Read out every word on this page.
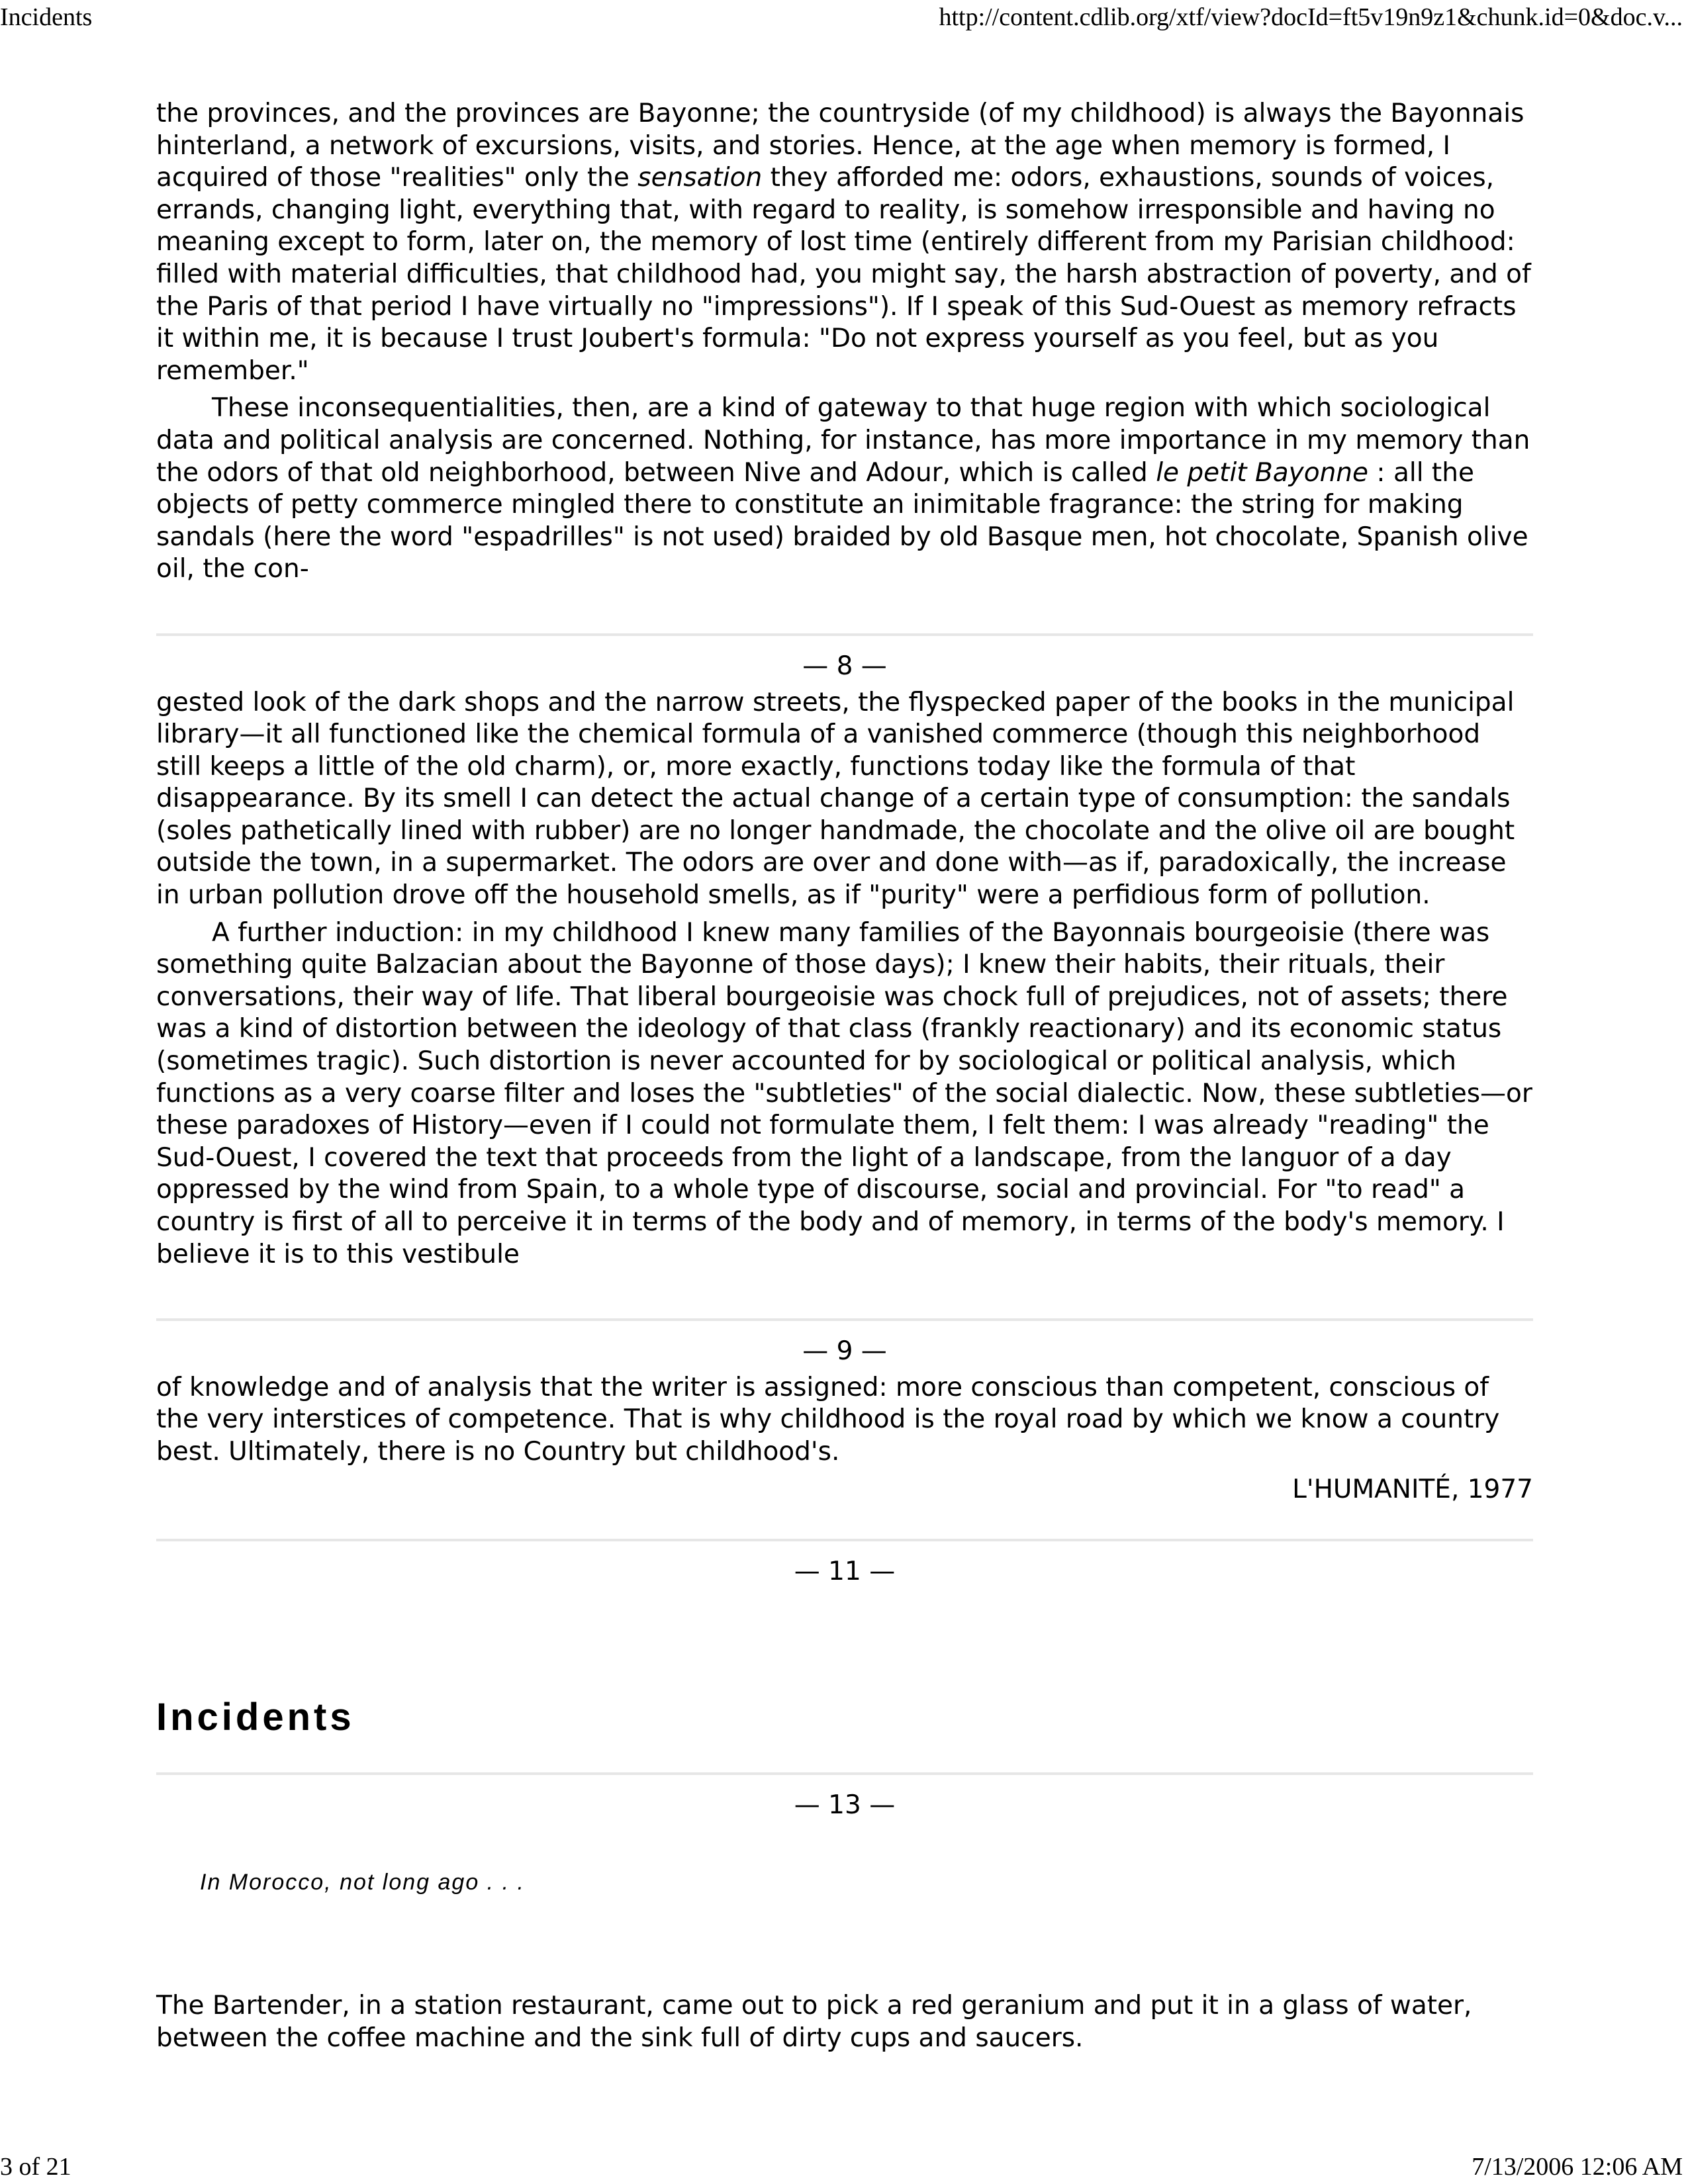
Incidents	http://content.cdlib.org/xtf/view?docId=ft5v19n9z1&chunk.id=0&doc.v...

the provinces, and the provinces are Bayonne; the countryside (of my childhood) is always the Bayonnais hinterland, a network of excursions, visits, and stories. Hence, at the age when memory is formed, I acquired of those "realities" only the sensation they afforded me: odors, exhaustions, sounds of voices, errands, changing light, everything that, with regard to reality, is somehow irresponsible and having no meaning except to form, later on, the memory of lost time (entirely different from my Parisian childhood: filled with material difficulties, that childhood had, you might say, the harsh abstraction of poverty, and of the Paris of that period I have virtually no "impressions"). If I speak of this Sud-Ouest as memory refracts it within me, it is because I trust Joubert's formula: "Do not express yourself as you feel, but as you remember."

These inconsequentialities, then, are a kind of gateway to that huge region with which sociological data and political analysis are concerned. Nothing, for instance, has more importance in my memory than the odors of that old neighborhood, between Nive and Adour, which is called le petit Bayonne : all the objects of petty commerce mingled there to constitute an inimitable fragrance: the string for making sandals (here the word "espadrilles" is not used) braided by old Basque men, hot chocolate, Spanish olive oil, the con-

— 8 —

gested look of the dark shops and the narrow streets, the flyspecked paper of the books in the municipal library—it all functioned like the chemical formula of a vanished commerce (though this neighborhood still keeps a little of the old charm), or, more exactly, functions today like the formula of that disappearance. By its smell I can detect the actual change of a certain type of consumption: the sandals (soles pathetically lined with rubber) are no longer handmade, the chocolate and the olive oil are bought outside the town, in a supermarket. The odors are over and done with—as if, paradoxically, the increase in urban pollution drove off the household smells, as if "purity" were a perfidious form of pollution.

A further induction: in my childhood I knew many families of the Bayonnais bourgeoisie (there was something quite Balzacian about the Bayonne of those days); I knew their habits, their rituals, their conversations, their way of life. That liberal bourgeoisie was chock full of prejudices, not of assets; there was a kind of distortion between the ideology of that class (frankly reactionary) and its economic status (sometimes tragic). Such distortion is never accounted for by sociological or political analysis, which functions as a very coarse filter and loses the "subtleties" of the social dialectic. Now, these subtleties—or these paradoxes of History—even if I could not formulate them, I felt them: I was already "reading" the Sud-Ouest, I covered the text that proceeds from the light of a landscape, from the languor of a day oppressed by the wind from Spain, to a whole type of discourse, social and provincial. For "to read" a country is first of all to perceive it in terms of the body and of memory, in terms of the body's memory. I believe it is to this vestibule

— 9 —

of knowledge and of analysis that the writer is assigned: more conscious than competent, conscious of the very interstices of competence. That is why childhood is the royal road by which we know a country best. Ultimately, there is no Country but childhood's.

L'HUMANITÉ, 1977
— 11 —
Incidents
— 13 —
In Morocco, not long ago . . .

The Bartender, in a station restaurant, came out to pick a red geranium and put it in a glass of water, between the coffee machine and the sink full of dirty cups and saucers.

3 of 21	7/13/2006 12:06 AM
